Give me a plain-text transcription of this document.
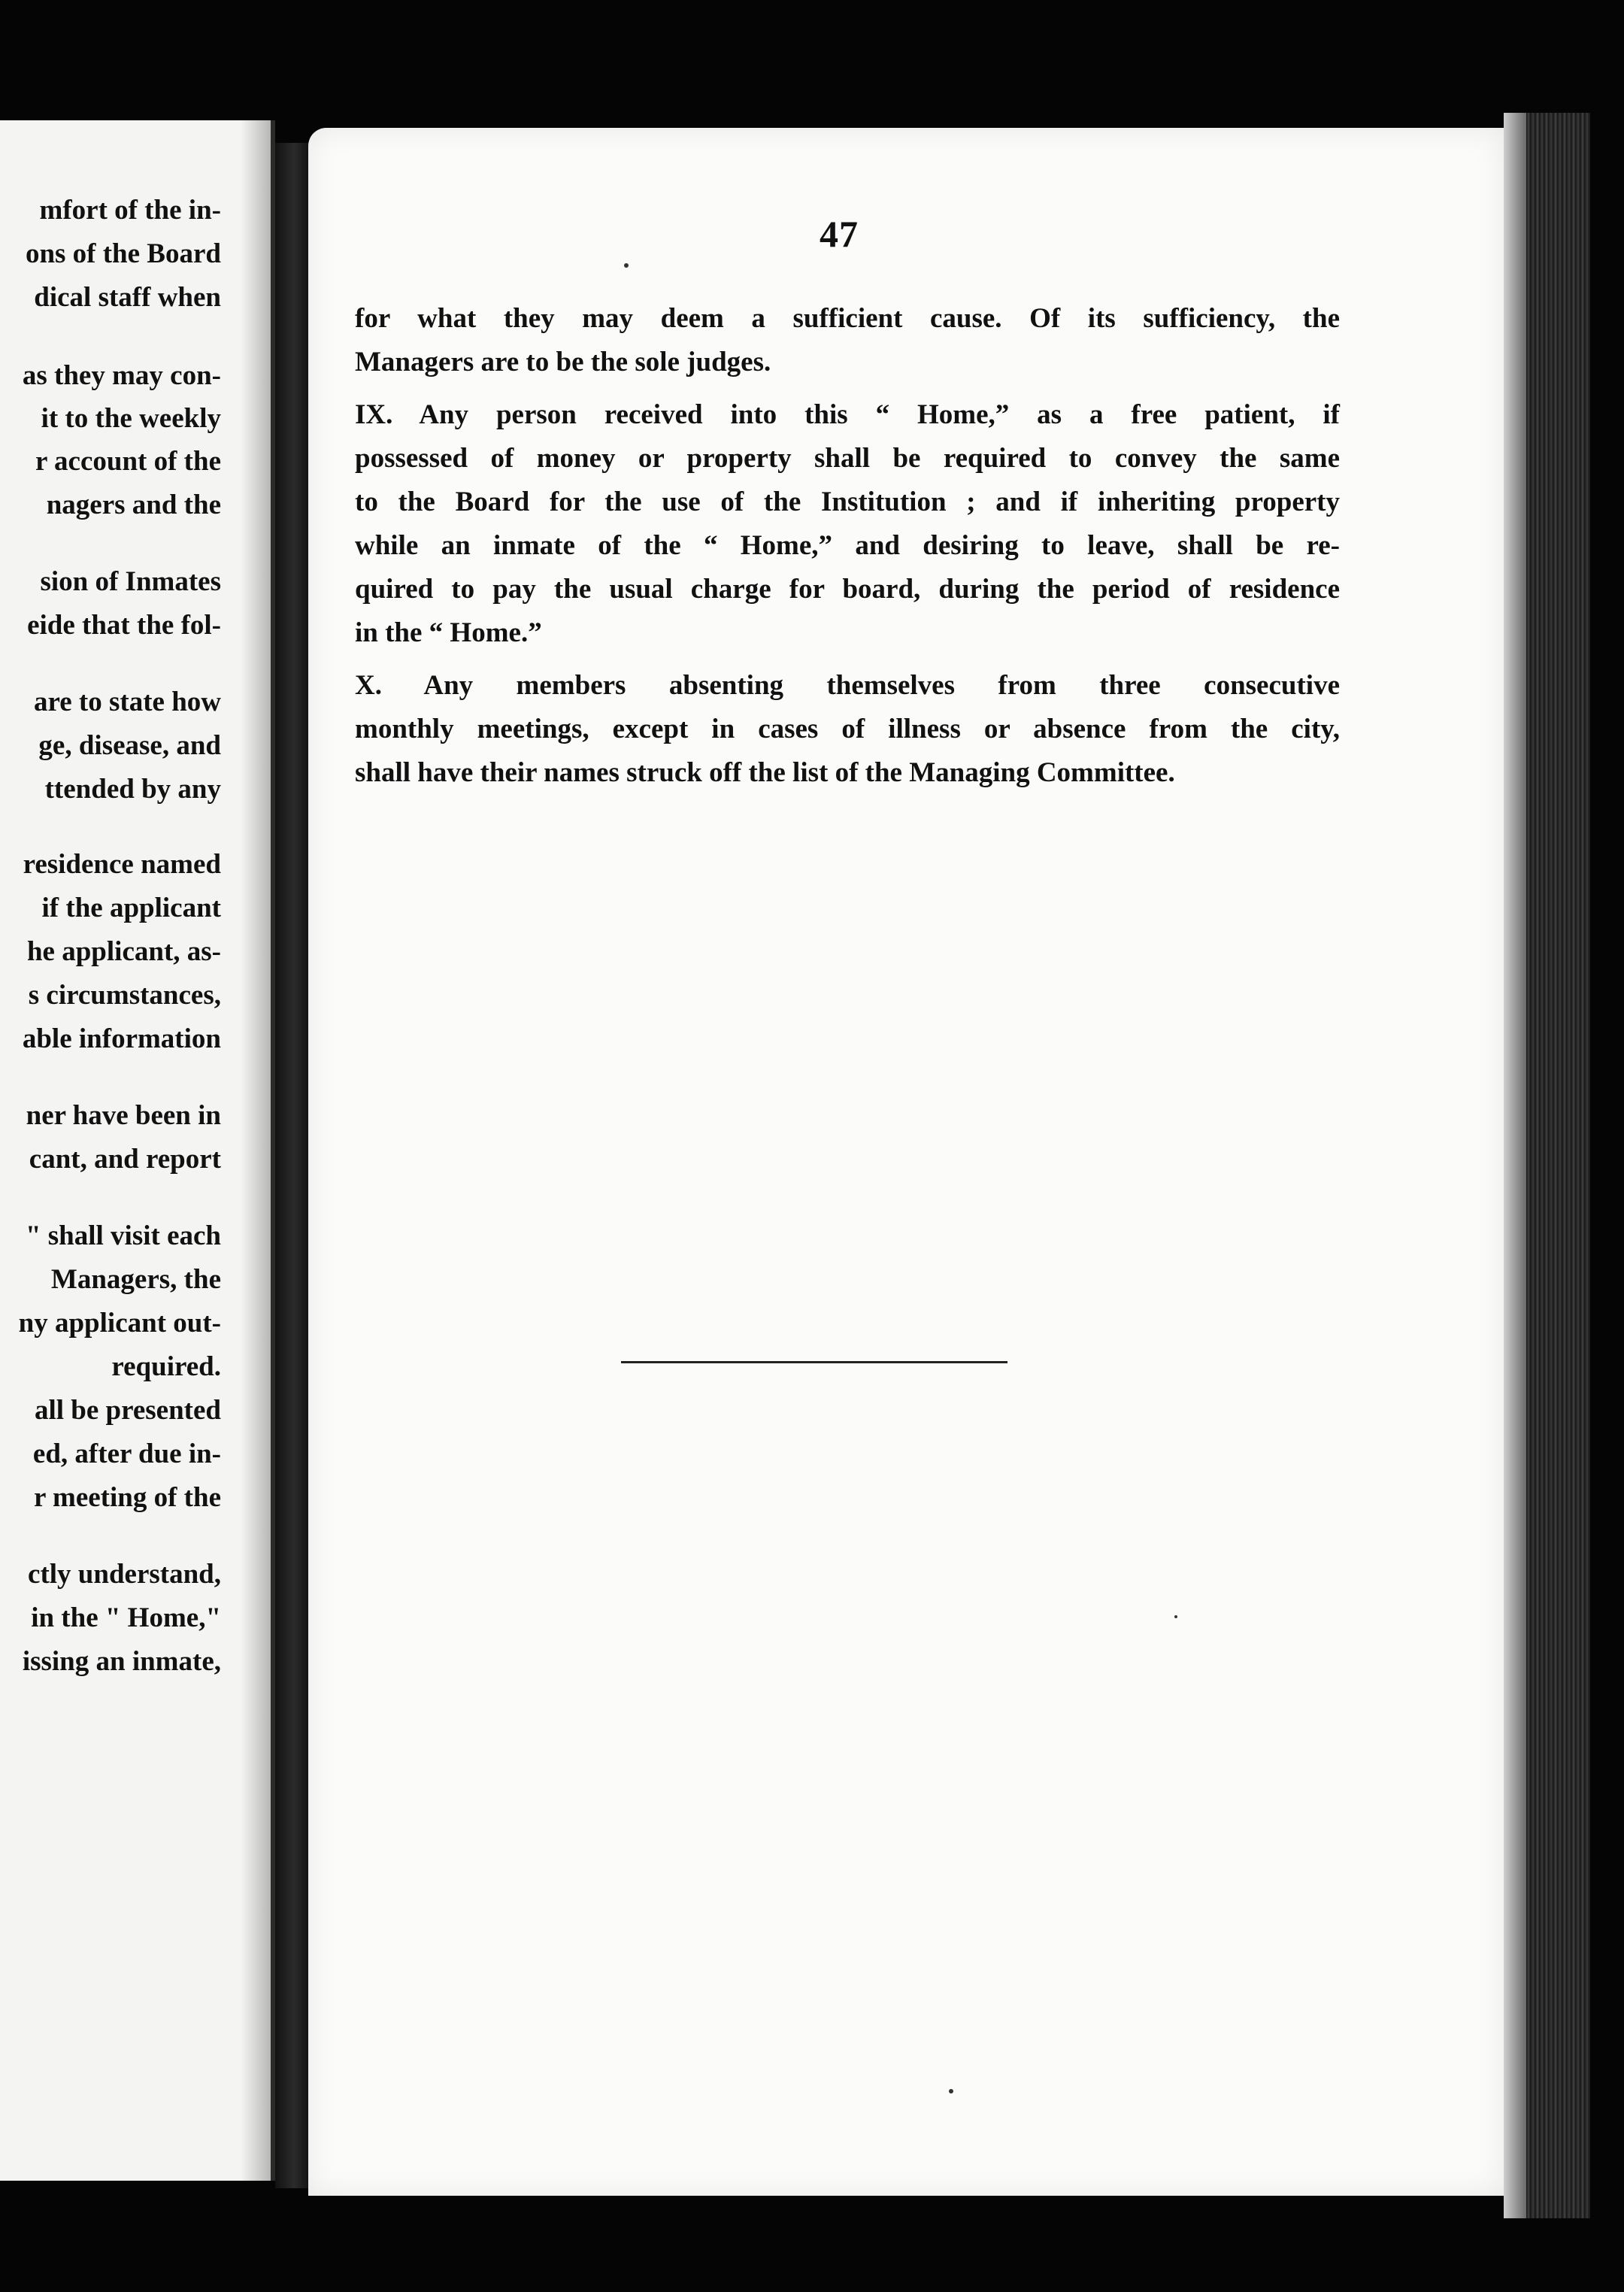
mfort of the in-
ons of the Board
dical staff when
as they may con-
it to the weekly
r account of the
nagers and the
sion of Inmates
eide that the fol-
are to state how
ge, disease, and
ttended by any
residence named
if the applicant
he applicant, as-
s circumstances,
able information
ner have been in
cant, and report
" shall visit each
Managers, the
ny applicant out-
required.
all be presented
ed, after due in-
r meeting of the
ctly understand,
in the " Home,"
issing an inmate,
47
for what they may deem a sufficient cause. Of its sufficiency, the
Managers are to be the sole judges.
IX. Any person received into this “ Home,” as a free patient, if
possessed of money or property shall be required to convey the same
to the Board for the use of the Institution ; and if inheriting property
while an inmate of the “ Home,” and desiring to leave, shall be re-
quired to pay the usual charge for board, during the period of residence
in the “ Home.”
X. Any members absenting themselves from three consecutive
monthly meetings, except in cases of illness or absence from the city,
shall have their names struck off the list of the Managing Committee.
